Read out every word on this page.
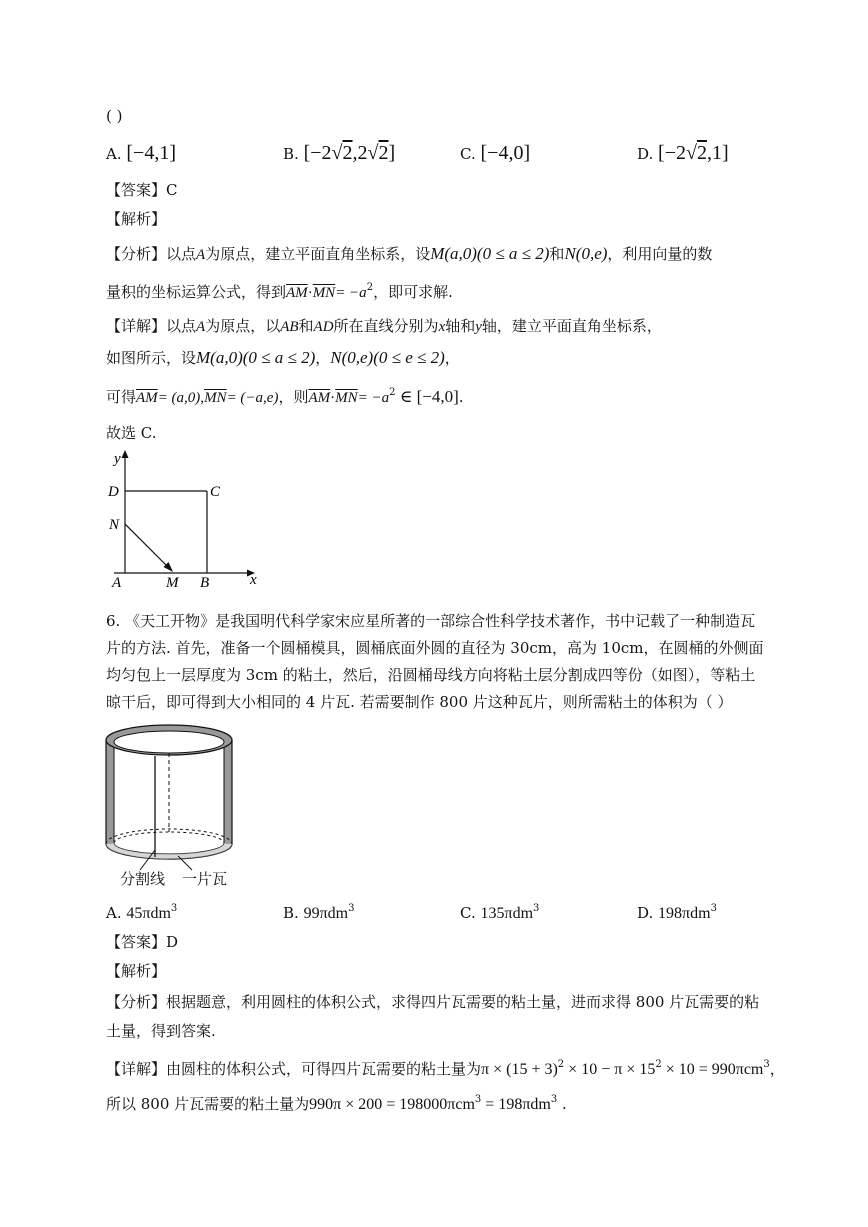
( )
A. [−4,1]	B. [−2√2,2√2]	C. [−4,0]	D. [−2√2,1]
【答案】C
【解析】
【分析】以点A为原点，建立平面直角坐标系，设M(a,0)(0 ≤ a ≤ 2)和N(0,e)，利用向量的数
量积的坐标运算公式，得到$\overline{AM}\cdot\overline{MN}= -a^2$，即可求解.
【详解】以点A为原点，以AB和AD所在直线分别为x轴和y轴，建立平面直角坐标系，
如图所示，设M(a,0)(0 ≤ a ≤ 2)，N(0,e)(0 ≤ e ≤ 2)，
可得$\overline{AM}= (a,0),\overline{MN}= (-a,e)$，则$\overline{AM}\cdot\overline{MN}= -a^2$ ∈ [−4,0].
故选 C.
y
x
D	C
N
A	M B
6. 《天工开物》是我国明代科学家宋应星所著的一部综合性科学技术著作，书中记载了一种制造瓦
片的方法. 首先，准备一个圆桶模具，圆桶底面外圆的直径为 30cm，高为 10cm，在圆桶的外侧面
均匀包上一层厚度为 3cm 的粘土，然后，沿圆桶母线方向将粘土层分割成四等份（如图），等粘土
晾干后，即可得到大小相同的 4 片瓦. 若需要制作 800 片这种瓦片，则所需粘土的体积为（ ）
分割线 一片瓦
A. 45πdm$^3$	B. 99πdm$^3$	C. 135πdm$^3$	D. 198πdm$^3$
【答案】D
【解析】
【分析】根据题意，利用圆柱的体积公式，求得四片瓦需要的粘土量，进而求得 800 片瓦需要的粘
土量，得到答案.
【详解】由圆柱的体积公式，可得四片瓦需要的粘土量为$\pi \times (15 + 3)^2 \times 10 - \pi \times 15^2 \times 10 = 990\pi cm^3$，
所以 800 片瓦需要的粘土量为990π × 200 = 198000πcm$^3$ = 198πdm$^3$ .
